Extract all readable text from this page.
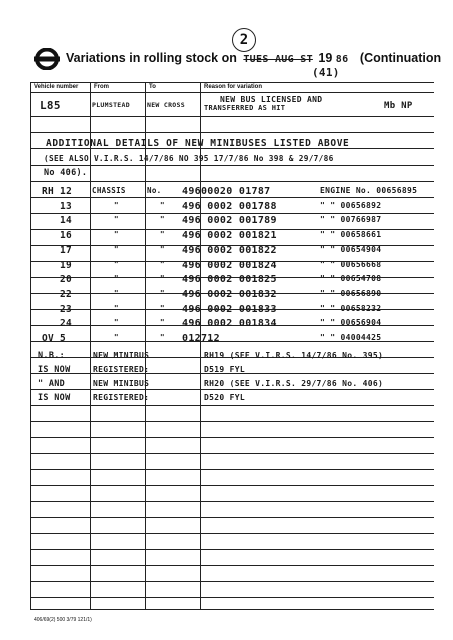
2
Variations in rolling stock on TUES AUG ST 19 86 (Continuation
(41)
Vehicle number	From	To	Reason for variation
L85	PLUMSTEAD	NEW CROSS
NEW BUS LICENSED AND
TRANSFERRED AS HIT	Mb NP
ADDITIONAL DETAILS OF NEW MINIBUSES LISTED ABOVE
(SEE ALSO V.I.R.S. 14/7/86 NO 395 17/7/86 No 398 & 29/7/86
No 406).
RH 12	CHASSIS	No. 49600020 01787	ENGINE No. 00656895
13	"	" 496 0002 001788	" " 00656892
14	"	" 496 0002 001789	" " 00766987
16	"	" 496 0002 001821	" " 00658661
17	"	" 496 0002 001822	" " 00654904
19	"	" 496 0002 001824	" " 00656668
20	"	" 496 0002 001825	" " 00654708
22	"	" 496 0002 001832	" " 00656890
23	"	" 496 0002 001833	" " 00658232
24	"	" 496 0002 001834	" " 00656904
OV 5	"	" 012712	" " 04004425
N.B.:	NEW MINIBUS	RH19 (SEE V.I.R.S. 14/7/86 No. 395)
IS NOW	REGISTERED:	D519 FYL
" AND	NEW MINIBUS	RH20 (SEE V.I.R.S. 29/7/86 No. 406)
IS NOW	REGISTERED:	D520 FYL
406/69(2) 500 3/79 121/1)
